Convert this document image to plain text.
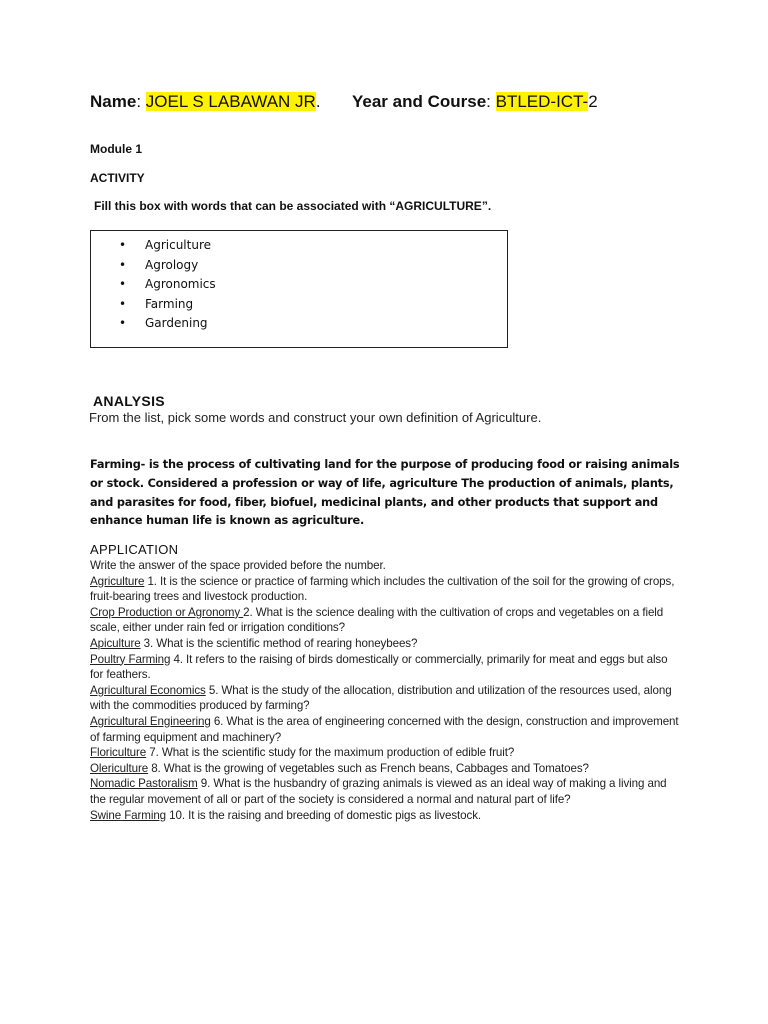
Name: JOEL S LABAWAN JR. Year and Course: BTLED-ICT-2
Module 1
ACTIVITY
Fill this box with words that can be associated with “AGRICULTURE”.
• Agriculture
• Agrology
• Agronomics
• Farming
• Gardening
ANALYSIS
From the list, pick some words and construct your own definition of Agriculture.
Farming- is the process of cultivating land for the purpose of producing food or raising animals or stock. Considered a profession or way of life, agriculture The production of animals, plants, and parasites for food, fiber, biofuel, medicinal plants, and other products that support and enhance human life is known as agriculture.
APPLICATION

Write the answer of the space provided before the number.

Agriculture 1. It is the science or practice of farming which includes the cultivation of the soil for the growing of crops, fruit-bearing trees and livestock production.

Crop Production or Agronomy 2. What is the science dealing with the cultivation of crops and vegetables on a field scale, either under rain fed or irrigation conditions?

Apiculture 3. What is the scientific method of rearing honeybees?

Poultry Farming 4. It refers to the raising of birds domestically or commercially, primarily for meat and eggs but also for feathers.

Agricultural Economics 5. What is the study of the allocation, distribution and utilization of the resources used, along with the commodities produced by farming?

Agricultural Engineering 6. What is the area of engineering concerned with the design, construction and improvement of farming equipment and machinery?

Floriculture 7. What is the scientific study for the maximum production of edible fruit?

Olericulture 8. What is the growing of vegetables such as French beans, Cabbages and Tomatoes?

Nomadic Pastoralism 9. What is the husbandry of grazing animals is viewed as an ideal way of making a living and the regular movement of all or part of the society is considered a normal and natural part of life?

Swine Farming 10. It is the raising and breeding of domestic pigs as livestock.
